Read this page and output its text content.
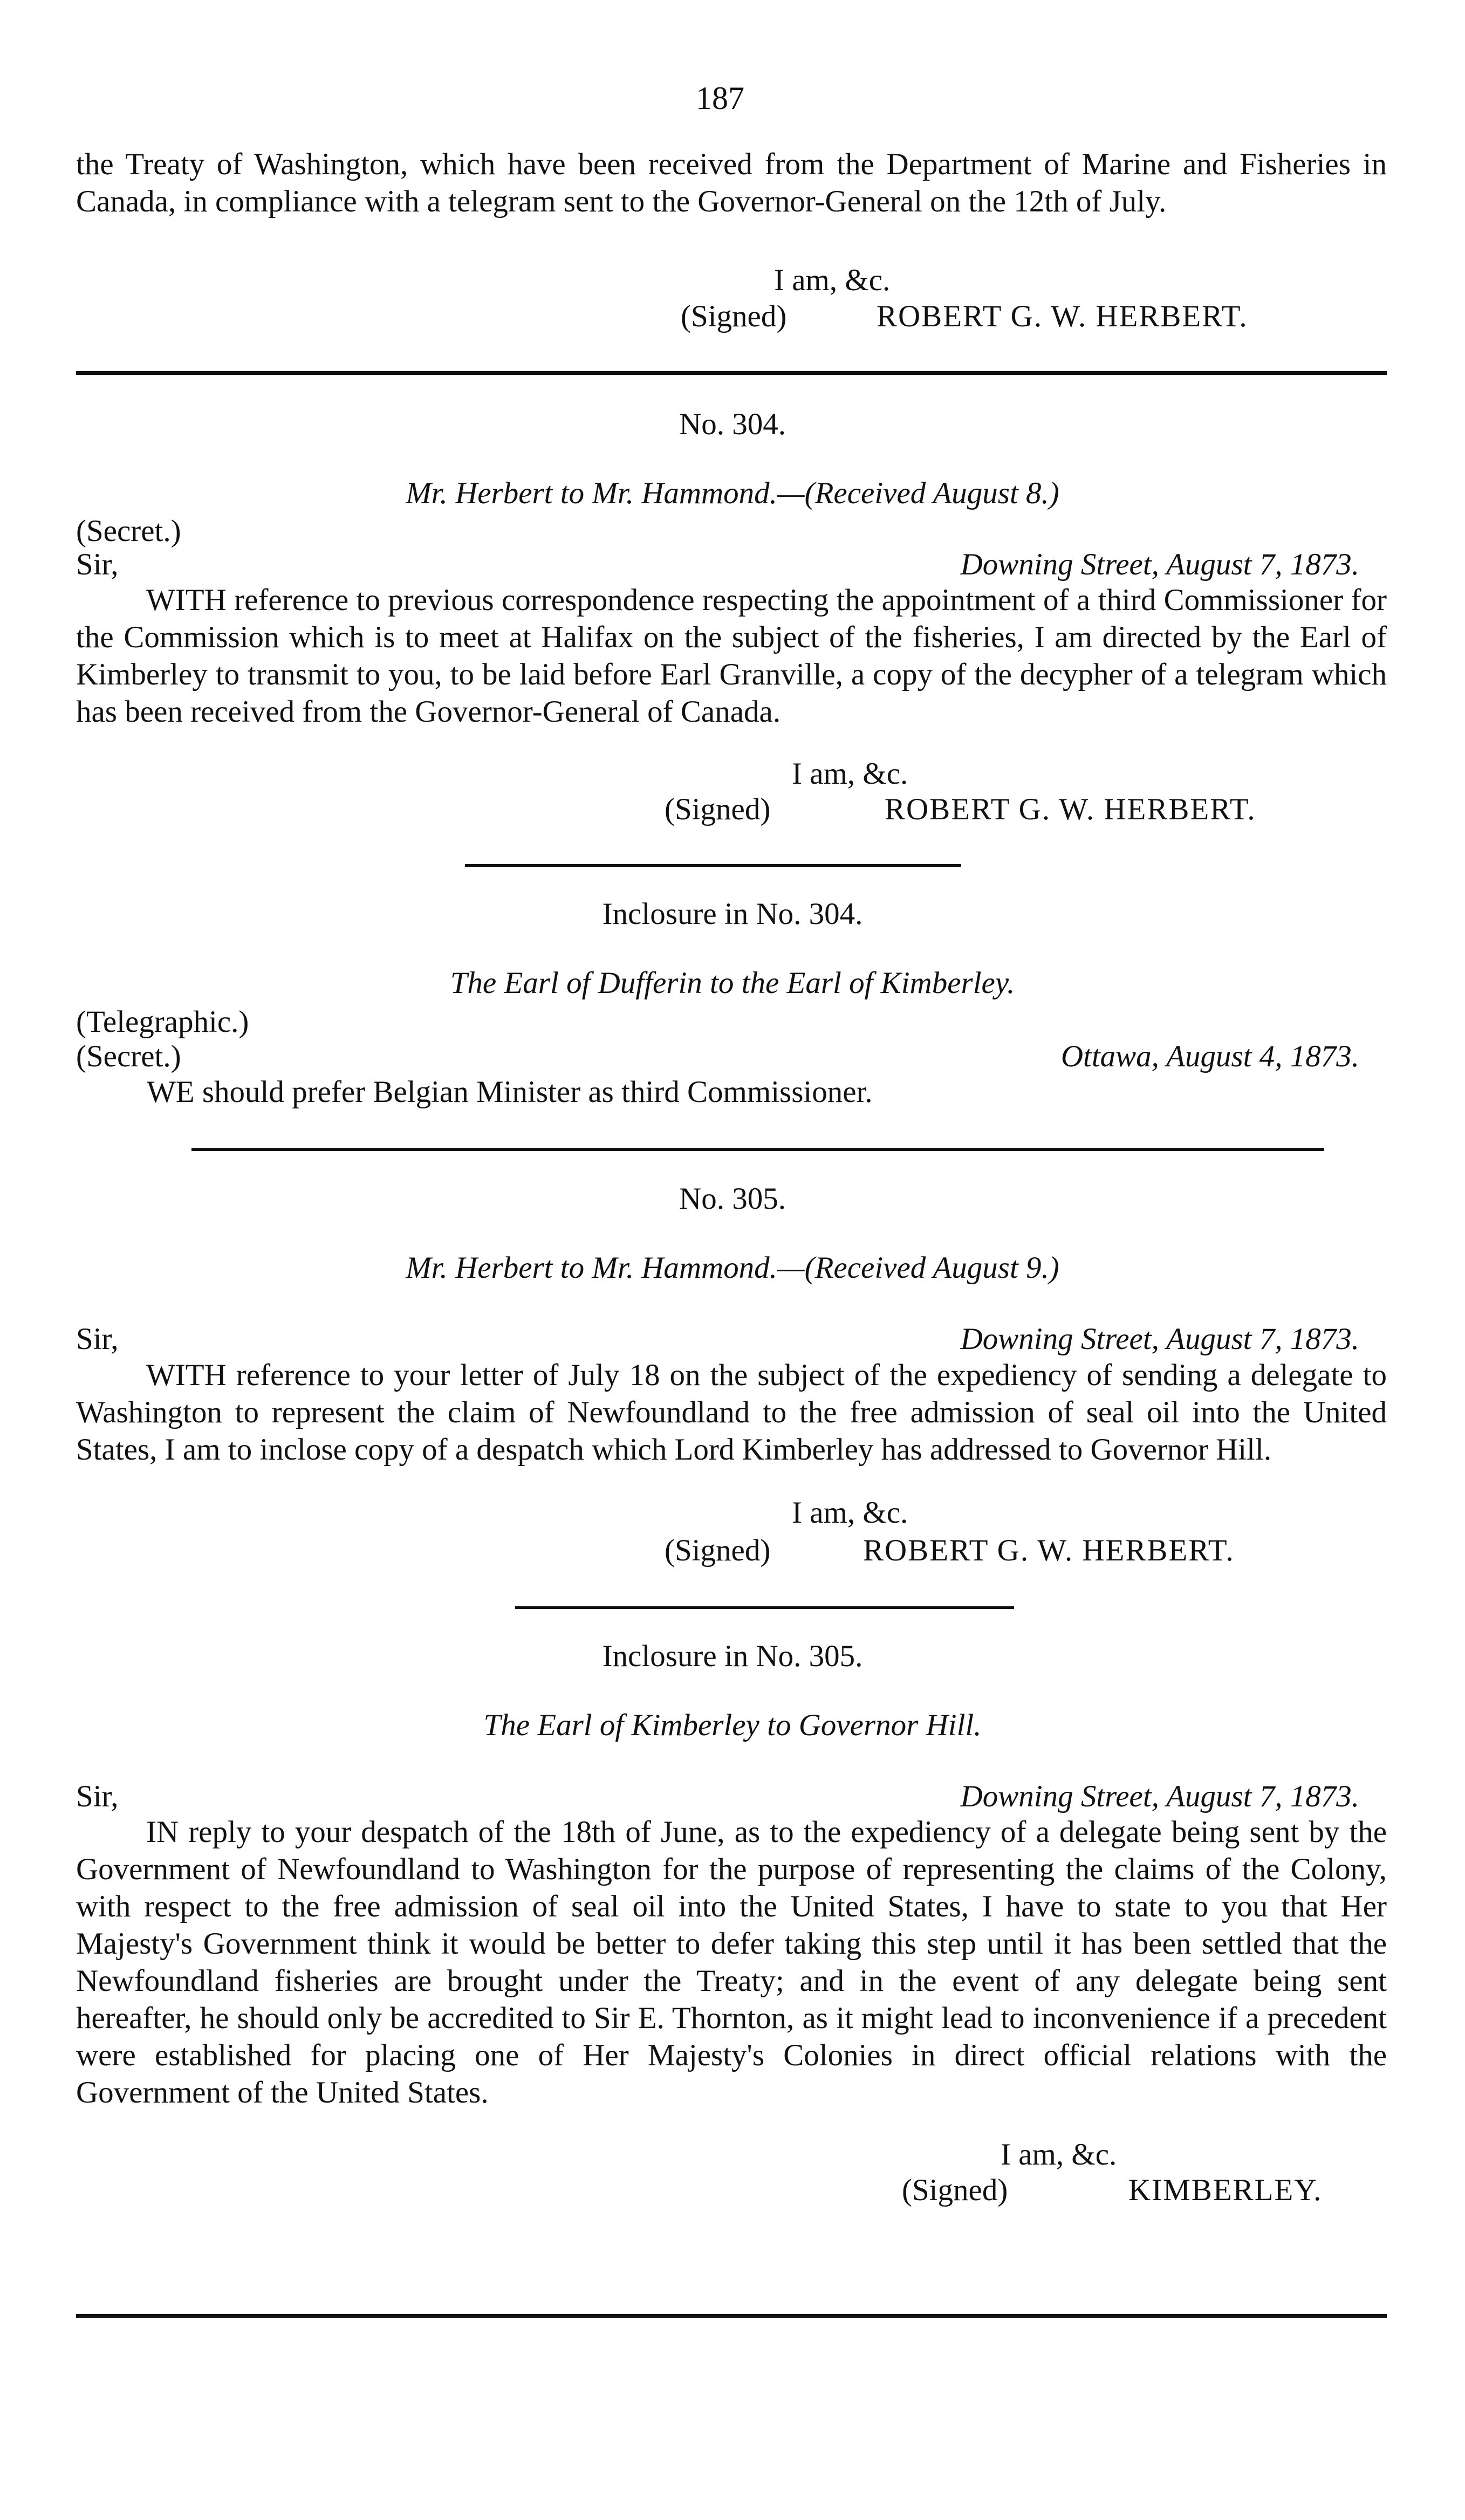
187

the Treaty of Washington, which have been received from the Department of Marine and Fisheries in Canada, in compliance with a telegram sent to the Governor-General on the 12th of July.

I am, &c.
(Signed)	ROBERT G. W. HERBERT.
No. 304.
Mr. Herbert to Mr. Hammond.—(Received August 8.)
(Secret.)
Sir,	Downing Street, August 7, 1873.

WITH reference to previous correspondence respecting the appointment of a third Commissioner for the Commission which is to meet at Halifax on the subject of the fisheries, I am directed by the Earl of Kimberley to transmit to you, to be laid before Earl Granville, a copy of the decypher of a telegram which has been received from the Governor-General of Canada.

I am, &c.
(Signed)	ROBERT G. W. HERBERT.
Inclosure in No. 304.
The Earl of Dufferin to the Earl of Kimberley.
(Telegraphic.)
(Secret.)	Ottawa, August 4, 1873.
WE should prefer Belgian Minister as third Commissioner.
No. 305.
Mr. Herbert to Mr. Hammond.—(Received August 9.)
Sir,	Downing Street, August 7, 1873.

WITH reference to your letter of July 18 on the subject of the expediency of sending a delegate to Washington to represent the claim of Newfoundland to the free admission of seal oil into the United States, I am to inclose copy of a despatch which Lord Kimberley has addressed to Governor Hill.

I am, &c.
(Signed)	ROBERT G. W. HERBERT.
Inclosure in No. 305.
The Earl of Kimberley to Governor Hill.
Sir,	Downing Street, August 7, 1873.

IN reply to your despatch of the 18th of June, as to the expediency of a delegate being sent by the Government of Newfoundland to Washington for the purpose of representing the claims of the Colony, with respect to the free admission of seal oil into the United States, I have to state to you that Her Majesty's Government think it would be better to defer taking this step until it has been settled that the Newfoundland fisheries are brought under the Treaty; and in the event of any delegate being sent hereafter, he should only be accredited to Sir E. Thornton, as it might lead to inconvenience if a precedent were established for placing one of Her Majesty's Colonies in direct official relations with the Government of the United States.

I am, &c.
(Signed)	KIMBERLEY.
